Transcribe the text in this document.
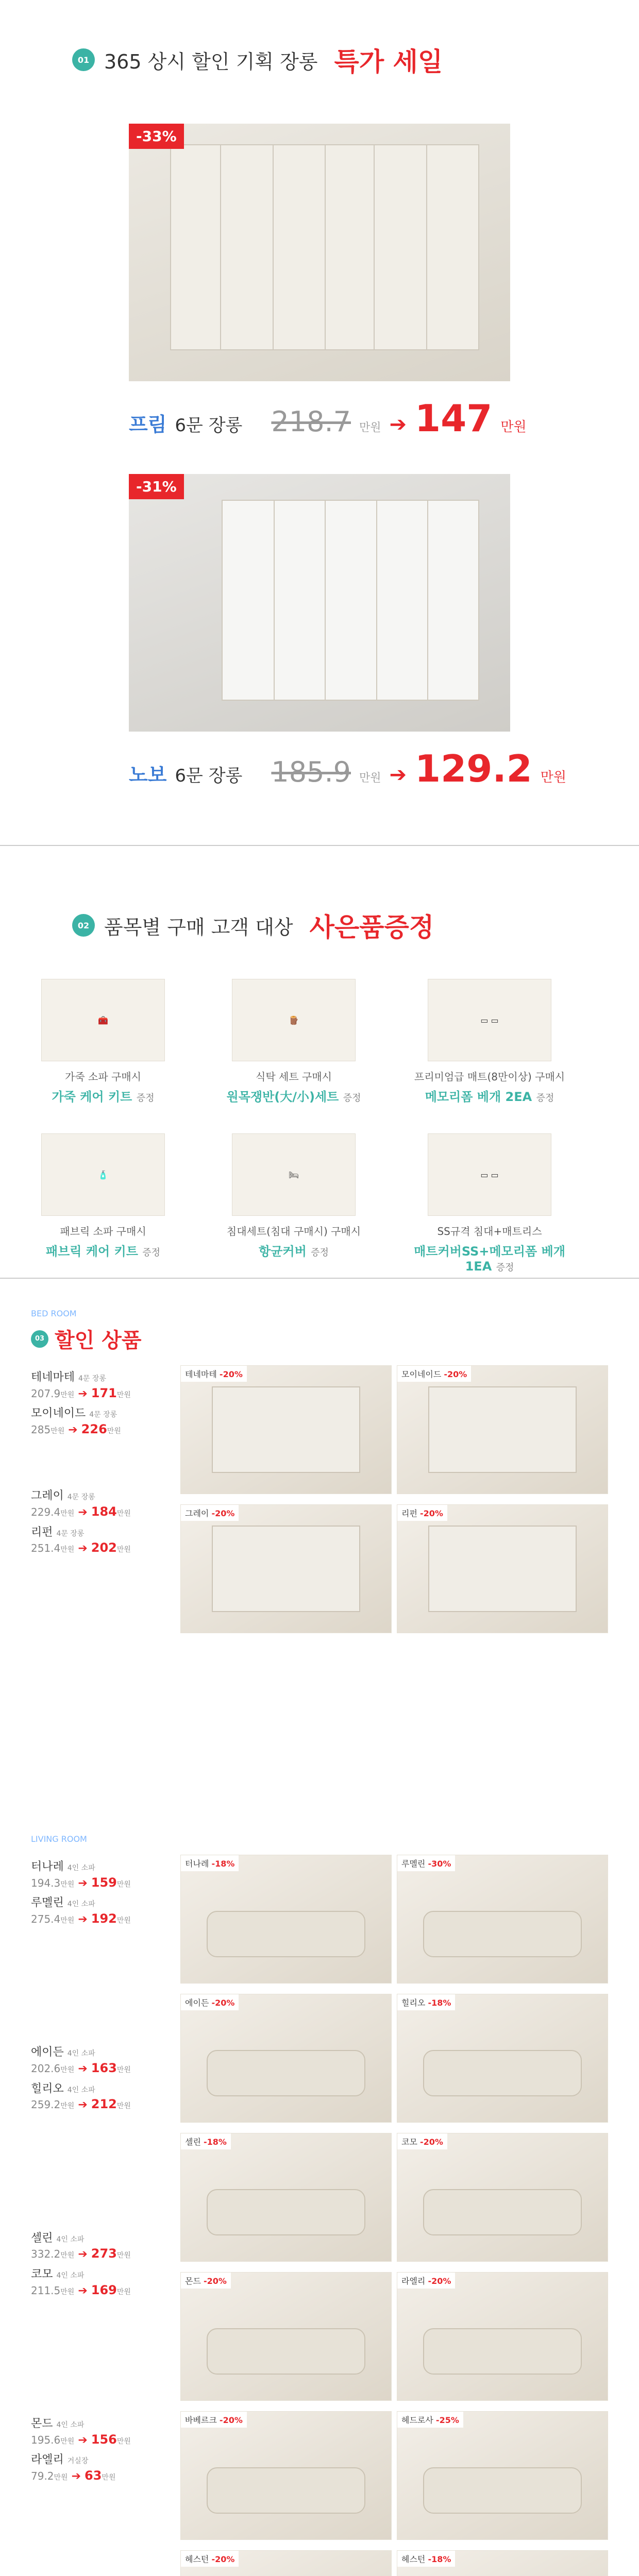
01 365 상시 할인 기획 장롱 특가 세일
-33%
프림 6문 장롱 218.7 만원 ➔ 147 만원
-31%
노보 6문 장롱 185.9 만원 ➔ 129.2 만원
02 품목별 구매 고객 대상 사은품증정
🧰
가죽 소파 구매시
가죽 케어 키트 증정
🪵
식탁 세트 구매시
원목쟁반(大/小)세트 증정
▭ ▭
프리미엄급 매트(8만이상) 구매시
메모리폼 베개 2EA 증정
🧴
패브릭 소파 구매시
패브릭 케어 키트 증정
🛏
침대세트(침대 구매시) 구매시
항균커버 증정
▭ ▭
SS규격 침대+매트리스
매트커버SS+메모리폼 베개 1EA 증정
BED ROOM
03 할인 상품
테네마테 4문 장롱
207.9만원 ➔ 171만원
모이네이드 4문 장롱
285만원 ➔ 226만원
그레이 4문 장롱
229.4만원 ➔ 184만원
리펀 4문 장롱
251.4만원 ➔ 202만원
LIVING ROOM
터나레 4인 소파
194.3만원 ➔ 159만원
루멜린 4인 소파
275.4만원 ➔ 192만원
에이든 4인 소파
202.6만원 ➔ 163만원
힐리오 4인 소파
259.2만원 ➔ 212만원
셀린 4인 소파
332.2만원 ➔ 273만원
코모 4인 소파
211.5만원 ➔ 169만원
몬드 4인 소파
195.6만원 ➔ 156만원
라엘리 거실장
79.2만원 ➔ 63만원
테네마테 -20%	모이네이드 -20%
그레이 -20%	리펀 -20%
터나레 -18%	루멜린 -30%
에이든 -20%	힐리오 -18%
셀린 -18%	코모 -20%
몬드 -20%	라엘리 -20%
바베르크 -20%	헤드로사 -25%
헤스턴 -20%	헤스턴 -18%
